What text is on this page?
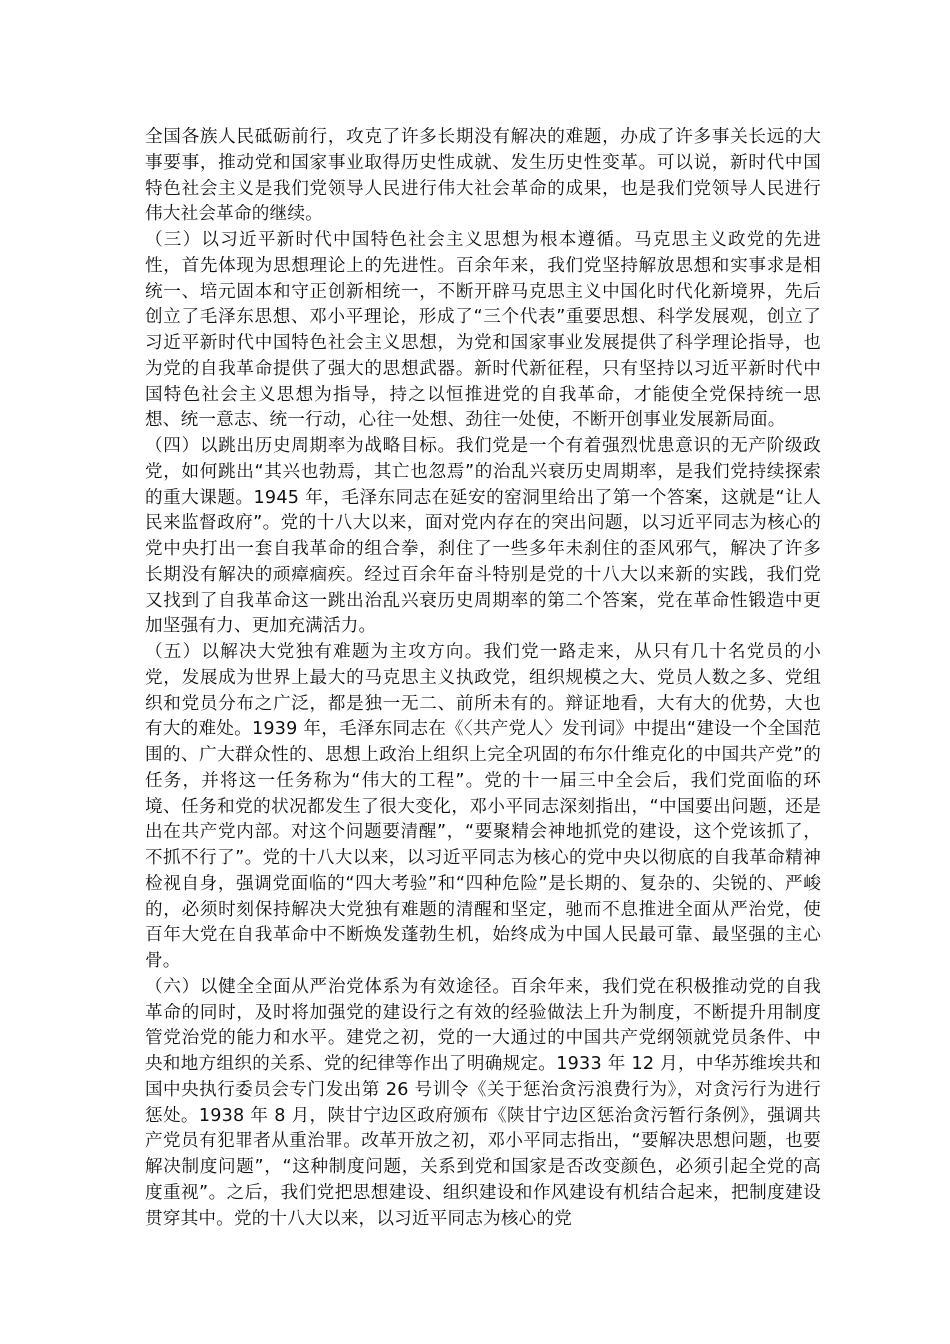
全国各族人民砥砺前行，攻克了许多长期没有解决的难题，办成了许多事关长远的大事要事，推动党和国家事业取得历史性成就、发生历史性变革。可以说，新时代中国特色社会主义是我们党领导人民进行伟大社会革命的成果，也是我们党领导人民进行伟大社会革命的继续。

（三）以习近平新时代中国特色社会主义思想为根本遵循。马克思主义政党的先进性，首先体现为思想理论上的先进性。百余年来，我们党坚持解放思想和实事求是相统一、培元固本和守正创新相统一，不断开辟马克思主义中国化时代化新境界，先后创立了毛泽东思想、邓小平理论，形成了“三个代表”重要思想、科学发展观，创立了习近平新时代中国特色社会主义思想，为党和国家事业发展提供了科学理论指导，也为党的自我革命提供了强大的思想武器。新时代新征程，只有坚持以习近平新时代中国特色社会主义思想为指导，持之以恒推进党的自我革命，才能使全党保持统一思想、统一意志、统一行动，心往一处想、劲往一处使，不断开创事业发展新局面。

（四）以跳出历史周期率为战略目标。我们党是一个有着强烈忧患意识的无产阶级政党，如何跳出“其兴也勃焉，其亡也忽焉”的治乱兴衰历史周期率，是我们党持续探索的重大课题。1945 年，毛泽东同志在延安的窑洞里给出了第一个答案，这就是“让人民来监督政府”。党的十八大以来，面对党内存在的突出问题，以习近平同志为核心的党中央打出一套自我革命的组合拳，刹住了一些多年未刹住的歪风邪气，解决了许多长期没有解决的顽瘴痼疾。经过百余年奋斗特别是党的十八大以来新的实践，我们党又找到了自我革命这一跳出治乱兴衰历史周期率的第二个答案，党在革命性锻造中更加坚强有力、更加充满活力。

（五）以解决大党独有难题为主攻方向。我们党一路走来，从只有几十名党员的小党，发展成为世界上最大的马克思主义执政党，组织规模之大、党员人数之多、党组织和党员分布之广泛，都是独一无二、前所未有的。辩证地看，大有大的优势，大也有大的难处。1939 年，毛泽东同志在《〈共产党人〉发刊词》中提出“建设一个全国范围的、广大群众性的、思想上政治上组织上完全巩固的布尔什维克化的中国共产党”的任务，并将这一任务称为“伟大的工程”。党的十一届三中全会后，我们党面临的环境、任务和党的状况都发生了很大变化，邓小平同志深刻指出，“中国要出问题，还是出在共产党内部。对这个问题要清醒”，“要聚精会神地抓党的建设，这个党该抓了，不抓不行了”。党的十八大以来，以习近平同志为核心的党中央以彻底的自我革命精神检视自身，强调党面临的“四大考验”和“四种危险”是长期的、复杂的、尖锐的、严峻的，必须时刻保持解决大党独有难题的清醒和坚定，驰而不息推进全面从严治党，使百年大党在自我革命中不断焕发蓬勃生机，始终成为中国人民最可靠、最坚强的主心骨。

（六）以健全全面从严治党体系为有效途径。百余年来，我们党在积极推动党的自我革命的同时，及时将加强党的建设行之有效的经验做法上升为制度，不断提升用制度管党治党的能力和水平。建党之初，党的一大通过的中国共产党纲领就党员条件、中央和地方组织的关系、党的纪律等作出了明确规定。1933 年 12 月，中华苏维埃共和国中央执行委员会专门发出第 26 号训令《关于惩治贪污浪费行为》，对贪污行为进行惩处。1938 年 8 月，陕甘宁边区政府颁布《陕甘宁边区惩治贪污暂行条例》，强调共产党员有犯罪者从重治罪。改革开放之初，邓小平同志指出，“要解决思想问题，也要解决制度问题”，“这种制度问题，关系到党和国家是否改变颜色，必须引起全党的高度重视”。之后，我们党把思想建设、组织建设和作风建设有机结合起来，把制度建设贯穿其中。党的十八大以来，以习近平同志为核心的党
